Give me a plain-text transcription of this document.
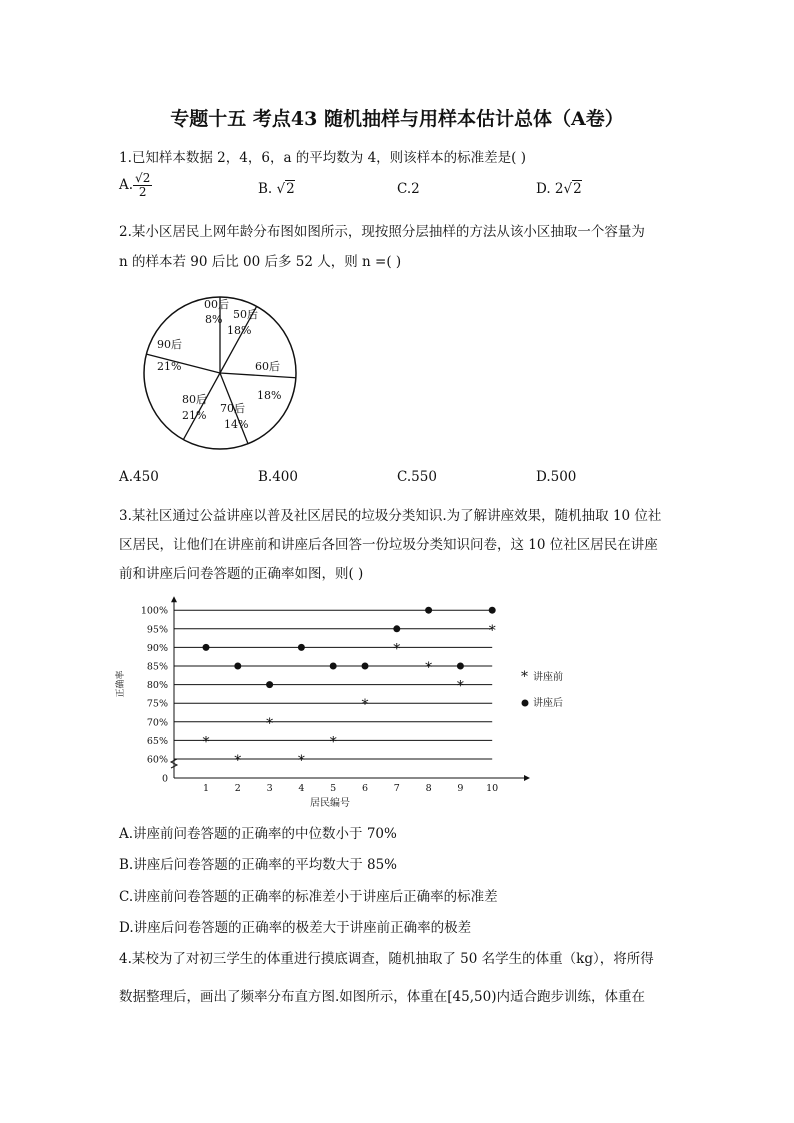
专题十五 考点43 随机抽样与用样本估计总体（A卷）
1.已知样本数据 2，4，6，a 的平均数为 4，则该样本的标准差是( )
A. $\frac{√2}{2}$	B. √2	C.2	D. 2√2
2.某小区居民上网年龄分布图如图所示，现按照分层抽样的方法从该小区抽取一个容量为
n 的样本若 90 后比 00 后多 52 人，则 n =( )
00后
8% 50后
18%
60后
18%
70后
14%
80后
21%
90后
21%
A.450	B.400	C.550	D.500
3.某社区通过公益讲座以普及社区居民的垃圾分类知识.为了解讲座效果，随机抽取 10 位社
区居民，让他们在讲座前和讲座后各回答一份垃圾分类知识问卷，这 10 位社区居民在讲座
前和讲座后问卷答题的正确率如图，则( )
0
60%
65%
70%
75%
80%
85%
90%
95%
100%
1	2	3	4	5	6	7	8	9 10
*
*
*
*
*
*
*
*
*
*
正确率
居民编号
* 讲座前
讲座后
A.讲座前问卷答题的正确率的中位数小于 70%
B.讲座后问卷答题的正确率的平均数大于 85%
C.讲座前问卷答题的正确率的标准差小于讲座后正确率的标准差
D.讲座后问卷答题的正确率的极差大于讲座前正确率的极差
4.某校为了对初三学生的体重进行摸底调查，随机抽取了 50 名学生的体重（kg），将所得
数据整理后，画出了频率分布直方图.如图所示，体重在[45,50)内适合跑步训练，体重在
